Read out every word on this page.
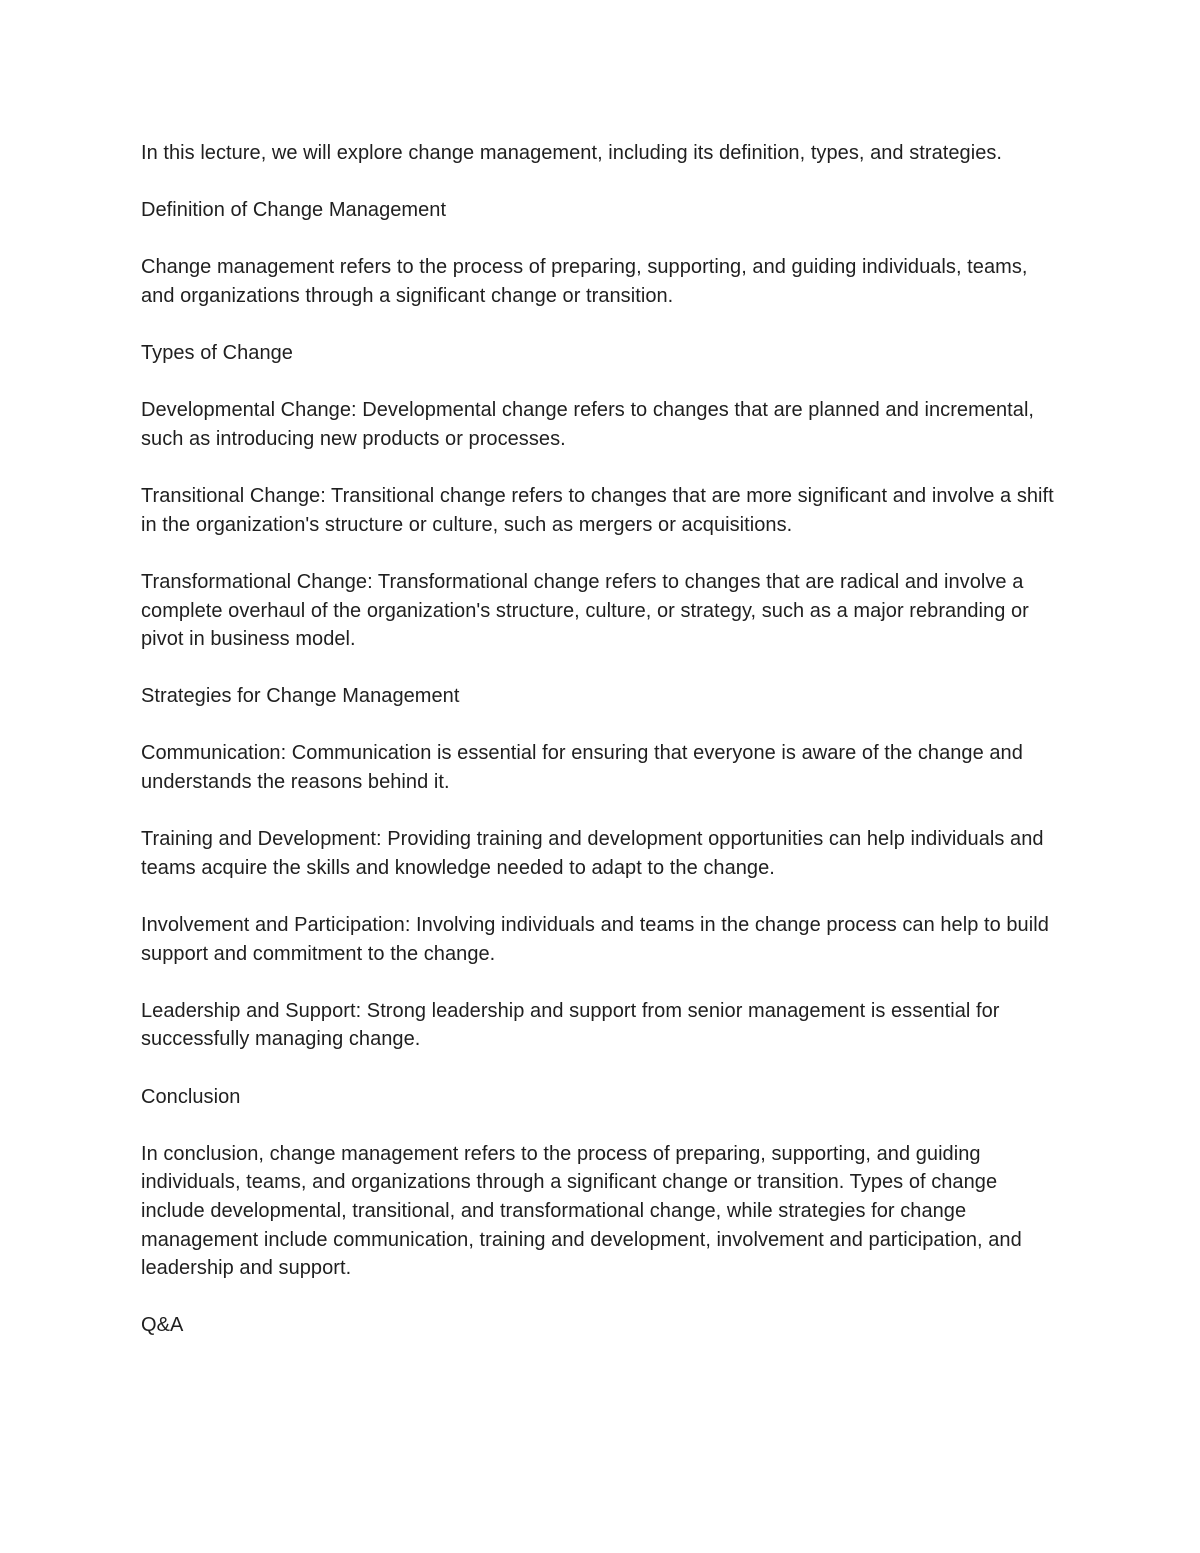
In this lecture, we will explore change management, including its definition, types, and strategies.

Definition of Change Management

Change management refers to the process of preparing, supporting, and guiding individuals, teams, and organizations through a significant change or transition.

Types of Change

Developmental Change: Developmental change refers to changes that are planned and incremental, such as introducing new products or processes.

Transitional Change: Transitional change refers to changes that are more significant and involve a shift in the organization's structure or culture, such as mergers or acquisitions.

Transformational Change: Transformational change refers to changes that are radical and involve a complete overhaul of the organization's structure, culture, or strategy, such as a major rebranding or pivot in business model.

Strategies for Change Management

Communication: Communication is essential for ensuring that everyone is aware of the change and understands the reasons behind it.

Training and Development: Providing training and development opportunities can help individuals and teams acquire the skills and knowledge needed to adapt to the change.

Involvement and Participation: Involving individuals and teams in the change process can help to build support and commitment to the change.

Leadership and Support: Strong leadership and support from senior management is essential for successfully managing change.

Conclusion

In conclusion, change management refers to the process of preparing, supporting, and guiding individuals, teams, and organizations through a significant change or transition. Types of change include developmental, transitional, and transformational change, while strategies for change management include communication, training and development, involvement and participation, and leadership and support.

Q&A
